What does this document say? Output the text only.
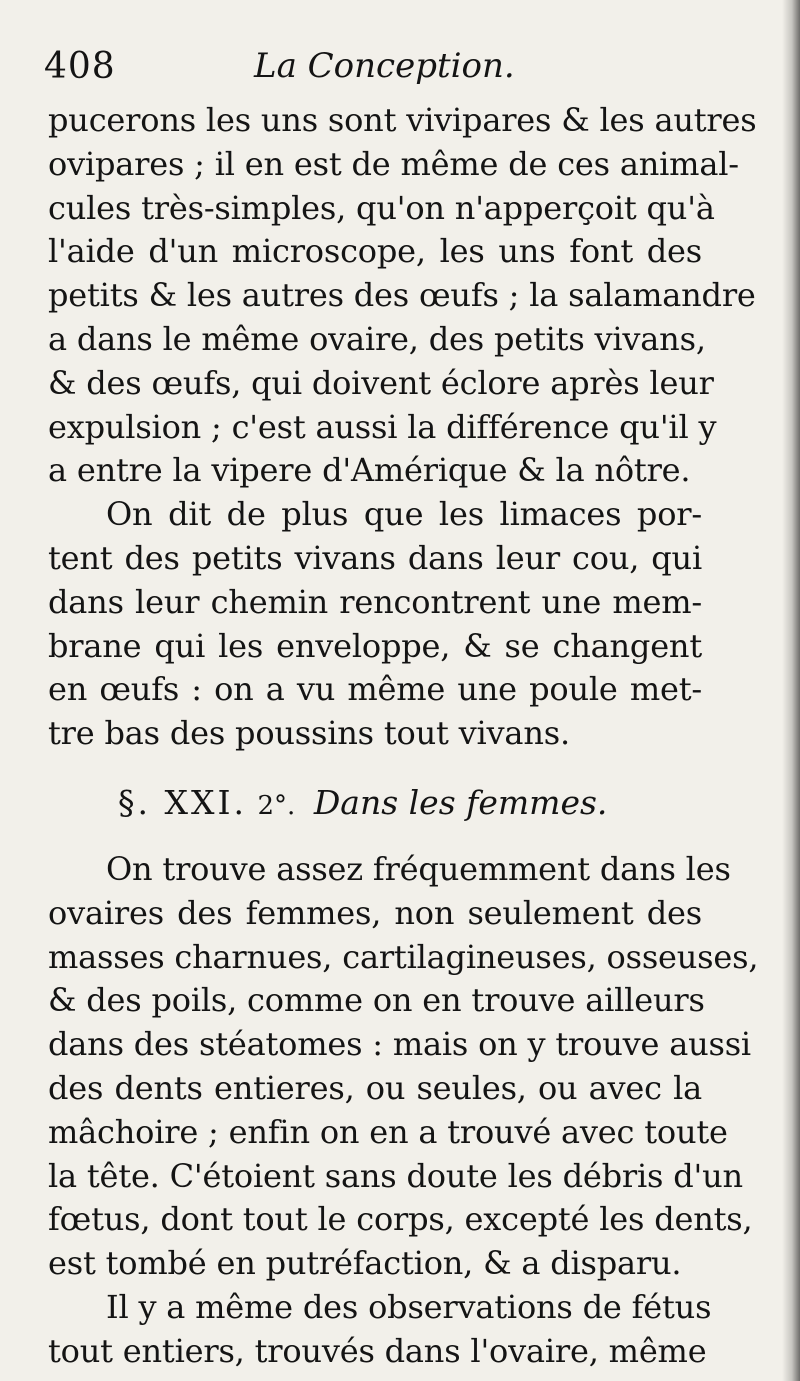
408	La Conception.
pucerons les uns sont vivipares & les autres
ovipares ; il en est de même de ces animal-
cules très-simples, qu'on n'apperçoit qu'à
l'aide d'un microscope, les uns font des
petits & les autres des œufs ; la salamandre
a dans le même ovaire, des petits vivans,
& des œufs, qui doivent éclore après leur
expulsion ; c'est aussi la différence qu'il y
a entre la vipere d'Amérique & la nôtre.
On dit de plus que les limaces por-
tent des petits vivans dans leur cou, qui
dans leur chemin rencontrent une mem-
brane qui les enveloppe, & se changent
en œufs : on a vu même une poule met-
tre bas des poussins tout vivans.
§. XXI. 2°. Dans les femmes.
On trouve assez fréquemment dans les
ovaires des femmes, non seulement des
masses charnues, cartilagineuses, osseuses,
& des poils, comme on en trouve ailleurs
dans des stéatomes : mais on y trouve aussi
des dents entieres, ou seules, ou avec la
mâchoire ; enfin on en a trouvé avec toute
la tête. C'étoient sans doute les débris d'un
fœtus, dont tout le corps, excepté les dents,
est tombé en putréfaction, & a disparu.
Il y a même des observations de fétus
tout entiers, trouvés dans l'ovaire, même
